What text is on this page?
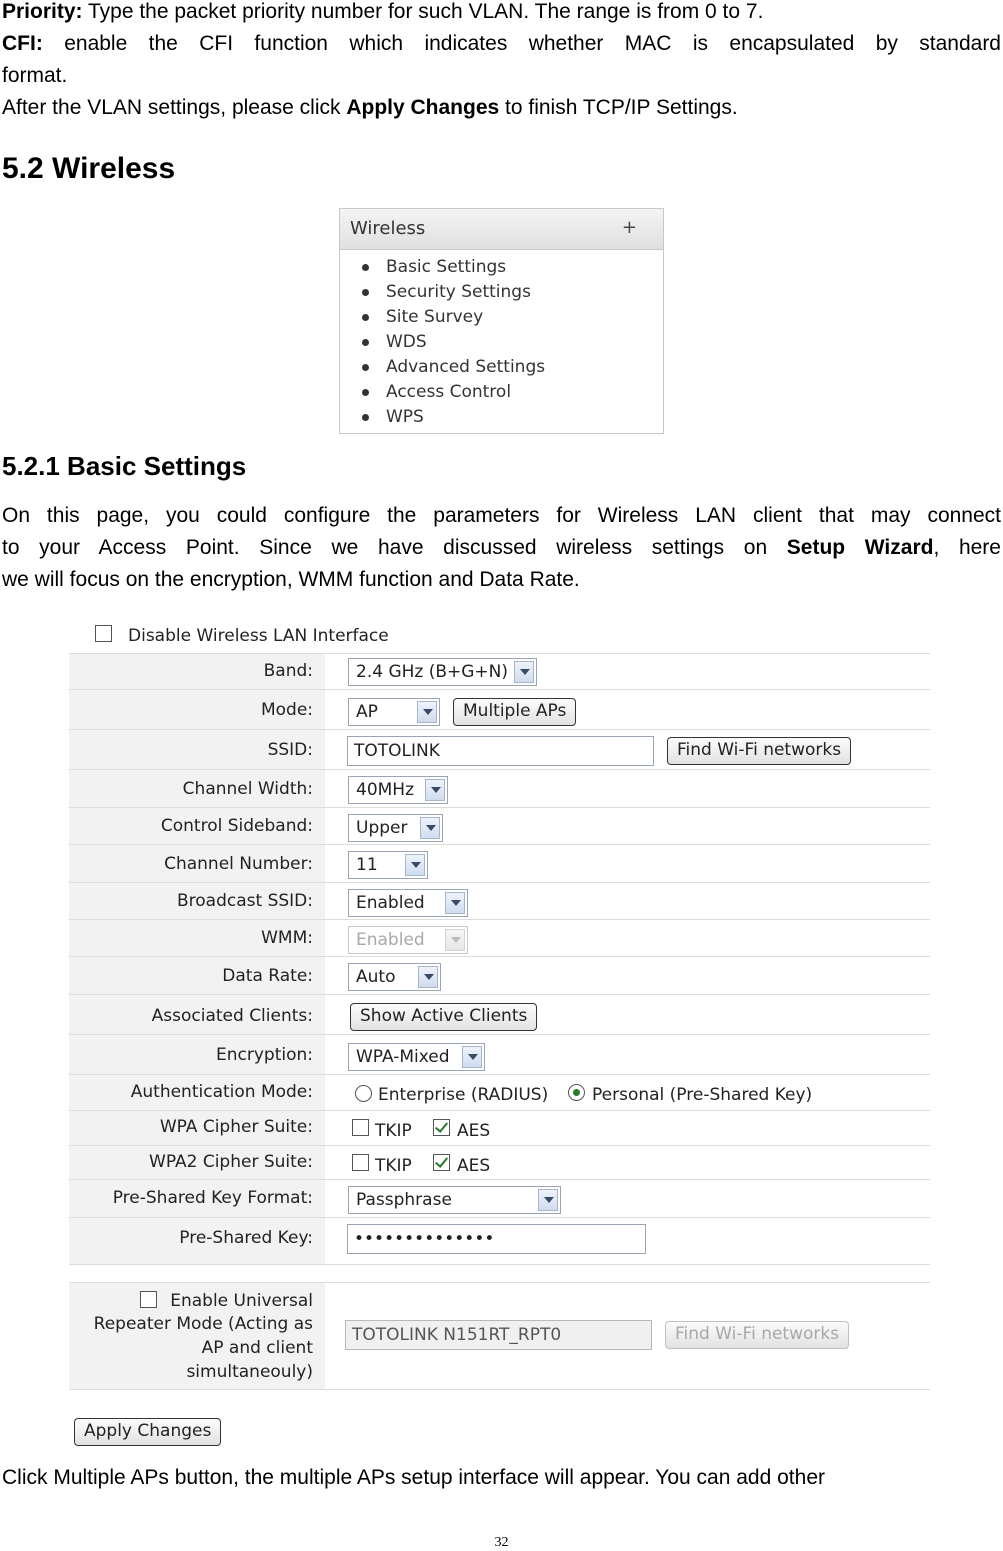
Priority: Type the packet priority number for such VLAN. The range is from 0 to 7.

CFI: enable the CFI function which indicates whether MAC is encapsulated by standard

format.

After the VLAN settings, please click Apply Changes to finish TCP/IP Settings.

5.2 Wireless
Wireless	+
Basic Settings
Security Settings
Site Survey
WDS
Advanced Settings
Access Control
WPS
5.2.1 Basic Settings

On this page, you could configure the parameters for Wireless LAN client that may connect

to your Access Point. Since we have discussed wireless settings on Setup Wizard, here

we will focus on the encryption, WMM function and Data Rate.

Disable Wireless LAN Interface
Band:	2.4 GHz (B+G+N)
Mode:	AP	Multiple APs
SSID:	TOTOLINK	Find Wi-Fi networks
Channel Width:	40MHz
Control Sideband:	Upper
Channel Number:	11
Broadcast SSID:	Enabled
WMM:	Enabled
Data Rate:	Auto
Associated Clients:	Show Active Clients
Encryption:	WPA-Mixed
Authentication Mode:	Enterprise (RADIUS)	Personal (Pre-Shared Key)
WPA Cipher Suite:	TKIP	AES
WPA2 Cipher Suite:	TKIP	AES
Pre-Shared Key Format:	Passphrase
Pre-Shared Key:	••••••••••••••
Enable Universal
Repeater Mode (Acting as
AP and client
simultaneouly)
TOTOLINK N151RT_RPT0	Find Wi-Fi networks
Apply Changes

Click Multiple APs button, the multiple APs setup interface will appear. You can add other

32
